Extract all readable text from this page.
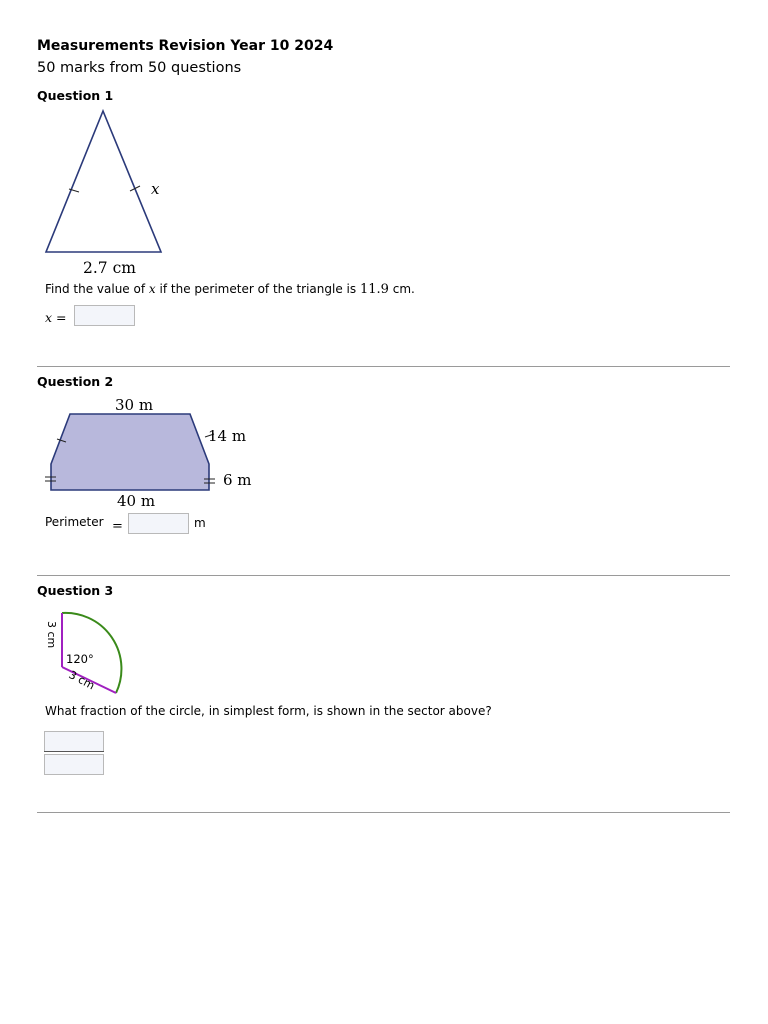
Measurements Revision Year 10 2024
50 marks from 50 questions
Question 1
x
2.7 cm
Find the value of x if the perimeter of the triangle is 11.9 cm.
x =
Question 2
30 m
14 m
6 m
40 m
Perimeter =	m
Question 3
3 cm
120°
3 cm
What fraction of the circle, in simplest form, is shown in the sector above?
